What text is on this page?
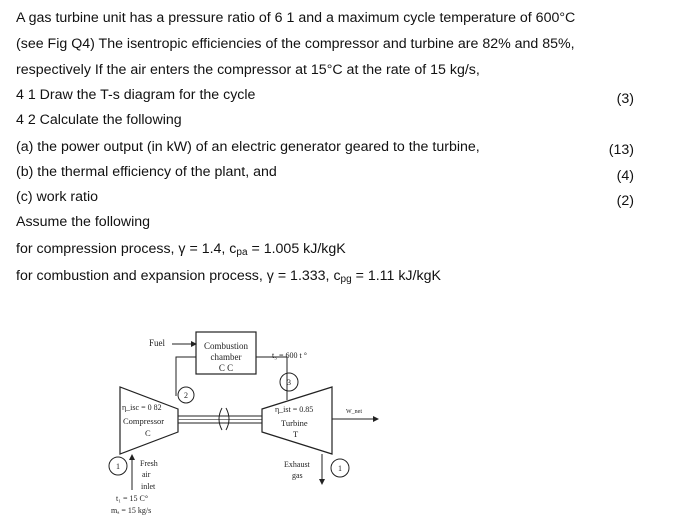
A gas turbine unit has a pressure ratio of 6 1 and a maximum cycle temperature of 600°C
(see Fig Q4) The isentropic efficiencies of the compressor and turbine are 82% and 85%,
respectively If the air enters the compressor at 15°C at the rate of 15 kg/s,
4 1 Draw the T-s diagram for the cycle	(3)
4 2 Calculate the following
(a) the power output (in kW) of an electric generator geared to the turbine,	(13)
(b) the thermal efficiency of the plant, and	(4)
(c) work ratio	(2)
Assume the following
for compression process, γ = 1.4, $c_{pa} = 1.005$ kJ/kgK
for combustion and expansion process, γ = 1.333, $c_{pg} = 1.11$ kJ/kgK
Fuel	Combustion
chamber
C C
t₃ = 600 t °
2
3
η_isc = 0 82
Compressor
C
η_ist = 0.85
Turbine
T
W_net
1	Fresh
air
inlet
t₁ = 15 C°
mₐ = 15 kg/s
Exhaust
gas
1
